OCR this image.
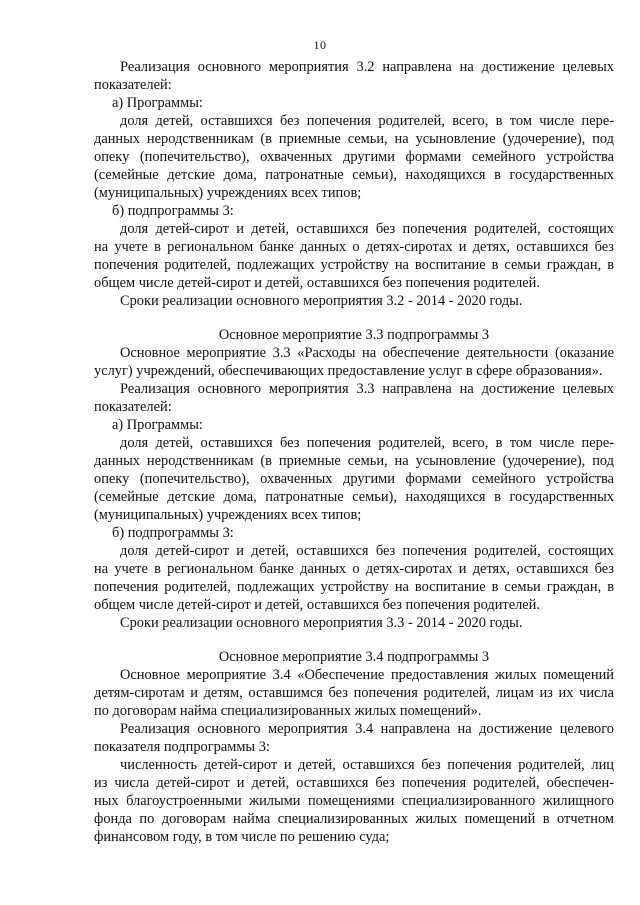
10
Реализация основного мероприятия 3.2 направлена на достижение целевых
показателей:
а) Программы:
доля детей, оставшихся без попечения родителей, всего, в том числе пере-
данных неродственникам (в приемные семьи, на усыновление (удочерение), под
опеку (попечительство), охваченных другими формами семейного устройства
(семейные детские дома, патронатные семьи), находящихся в государственных
(муниципальных) учреждениях всех типов;
б) подпрограммы 3:
доля детей-сирот и детей, оставшихся без попечения родителей, состоящих
на учете в региональном банке данных о детях-сиротах и детях, оставшихся без
попечения родителей, подлежащих устройству на воспитание в семьи граждан, в
общем числе детей-сирот и детей, оставшихся без попечения родителей.
Сроки реализации основного мероприятия 3.2 - 2014 - 2020 годы.
Основное мероприятие 3.3 подпрограммы 3
Основное мероприятие 3.3 «Расходы на обеспечение деятельности (оказание
услуг) учреждений, обеспечивающих предоставление услуг в сфере образования».
Реализация основного мероприятия 3.3 направлена на достижение целевых
показателей:
а) Программы:
доля детей, оставшихся без попечения родителей, всего, в том числе пере-
данных неродственникам (в приемные семьи, на усыновление (удочерение), под
опеку (попечительство), охваченных другими формами семейного устройства
(семейные детские дома, патронатные семьи), находящихся в государственных
(муниципальных) учреждениях всех типов;
б) подпрограммы 3:
доля детей-сирот и детей, оставшихся без попечения родителей, состоящих
на учете в региональном банке данных о детях-сиротах и детях, оставшихся без
попечения родителей, подлежащих устройству на воспитание в семьи граждан, в
общем числе детей-сирот и детей, оставшихся без попечения родителей.
Сроки реализации основного мероприятия 3.3 - 2014 - 2020 годы.
Основное мероприятие 3.4 подпрограммы 3
Основное мероприятие 3.4 «Обеспечение предоставления жилых помещений
детям-сиротам и детям, оставшимся без попечения родителей, лицам из их числа
по договорам найма специализированных жилых помещений».
Реализация основного мероприятия 3.4 направлена на достижение целевого
показателя подпрограммы 3:
численность детей-сирот и детей, оставшихся без попечения родителей, лиц
из числа детей-сирот и детей, оставшихся без попечения родителей, обеспечен-
ных благоустроенными жилыми помещениями специализированного жилищного
фонда по договорам найма специализированных жилых помещений в отчетном
финансовом году, в том числе по решению суда;
